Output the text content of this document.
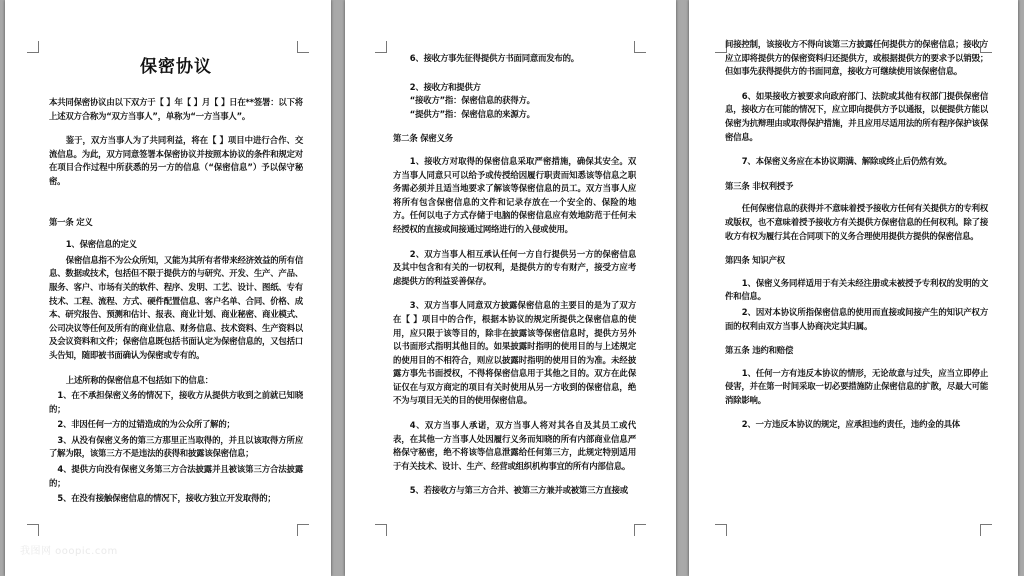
保密协议
本共同保密协议由以下双方于【 】年【 】月【 】日在**签署：以下将上述双方合称为“双方当事人”，单称为“一方当事人”。
鉴于，双方当事人为了共同利益，将在【 】项目中进行合作、交流信息。为此，双方同意签署本保密协议并按照本协议的条件和规定对在项目合作过程中所获悉的另一方的信息（“保密信息”）予以保守秘密。
第一条 定义
1、保密信息的定义
保密信息指不为公众所知，又能为其所有者带来经济效益的所有信息、数据或技术，包括但不限于提供方的与研究、开发、生产、产品、服务、客户、市场有关的软件、程序、发明、工艺、设计、图纸、专有技术、工程、流程、方式、硬件配置信息、客户名单、合同、价格、成本、研究报告、预测和估计、报表、商业计划、商业秘密、商业模式、公司决议等任何及所有的商业信息、财务信息、技术资料、生产资料以及会议资料和文件；保密信息既包括书面认定为保密信息的，又包括口头告知，随即被书面确认为保密或专有的。
上述所称的保密信息不包括如下的信息：
1、在不承担保密义务的情况下，接收方从提供方收到之前就已知晓的；
2、非因任何一方的过错造成的为公众所了解的；
3、从没有保密义务的第三方那里正当取得的，并且以该取得方所应了解为限，该第三方不是违法的获得和披露该保密信息；
4、提供方向没有保密义务第三方合法披露并且被该第三方合法披露的；
5、在没有接触保密信息的情况下，接收方独立开发取得的；
6、接收方事先征得提供方书面同意而发布的。
2、接收方和提供方
“接收方”指：保密信息的获得方。
“提供方”指：保密信息的来源方。
第二条 保密义务
1、接收方对取得的保密信息采取严密措施，确保其安全。双方当事人同意只可以给予或传授给因履行职责而知悉该等信息之职务需必须并且适当地要求了解该等保密信息的员工。双方当事人应将所有包含保密信息的文件和记录存放在一个安全的、保险的地方。任何以电子方式存储于电脑的保密信息应有效地防范于任何未经授权的直接或间接通过网络进行的入侵或使用。
2、双方当事人相互承认任何一方自行提供另一方的保密信息及其中包含和有关的一切权利，是提供方的专有财产，接受方应考虑提供方的利益妥善保存。
3、双方当事人同意双方披露保密信息的主要目的是为了双方在【 】项目中的合作，根据本协议的规定所提供之保密信息的使用，应只限于该等目的，除非在披露该等保密信息时，提供方另外以书面形式指明其他目的。如果披露时指明的使用目的与上述规定的使用目的不相符合，则应以披露时指明的使用目的为准。未经披露方事先书面授权，不得将保密信息用于其他之目的。双方在此保证仅在与双方商定的项目有关时使用从另一方收到的保密信息，绝不为与项目无关的目的使用保密信息。
4、双方当事人承诺，双方当事人将对其各自及其员工或代表，在其他一方当事人处因履行义务而知晓的所有内部商业信息严格保守秘密，绝不将该等信息泄露给任何第三方，此规定特别适用于有关技术、设计、生产、经营或组织机构事宜的所有内部信息。
5、若接收方与第三方合并、被第三方兼并或被第三方直接或
间接控制，该接收方不得向该第三方披露任何提供方的保密信息；接收方应立即将提供方的保密资料归还提供方，或根据提供方的要求予以销毁；但如事先获得提供方的书面同意，接收方可继续使用该保密信息。
6、如果接收方被要求向政府部门、法院或其他有权部门提供保密信息，接收方在可能的情况下，应立即向提供方予以通报，以便提供方能以保密为抗辩理由或取得保护措施，并且应用尽适用法的所有程序保护该保密信息。
7、本保密义务应在本协议期满、解除或终止后仍然有效。
第三条 非权利授予
任何保密信息的获得并不意味着授予接收方任何有关提供方的专利权或版权，也不意味着授予接收方有关提供方保密信息的任何权利。除了接收方有权为履行其在合同项下的义务合理使用提供方提供的保密信息。
第四条 知识产权
1、保密义务同样适用于有关未经注册或未被授予专利权的发明的文件和信息。
2、因对本协议所指保密信息的使用而直接或间接产生的知识产权方面的权利由双方当事人协商决定其归属。
第五条 违约和赔偿
1、任何一方有违反本协议的情形，无论故意与过失，应当立即停止侵害，并在第一时间采取一切必要措施防止保密信息的扩散，尽最大可能消除影响。
2、一方违反本协议的规定，应承担违约责任，违约金的具体
我图网 ooopic.com
